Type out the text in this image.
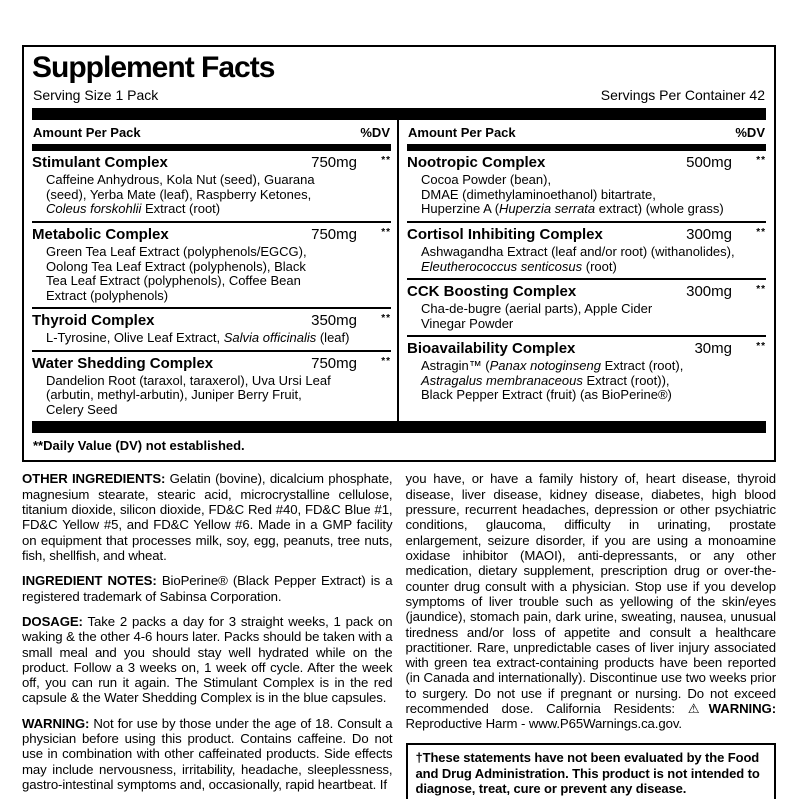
Supplement Facts
Serving Size 1 Pack	Servings Per Container 42
Amount Per Pack	%DV
Stimulant Complex	750mg	**
Caffeine Anhydrous, Kola Nut (seed), Guarana
(seed), Yerba Mate (leaf), Raspberry Ketones,
Coleus forskohlii Extract (root)
Metabolic Complex	750mg	**
Green Tea Leaf Extract (polyphenols/EGCG),
Oolong Tea Leaf Extract (polyphenols), Black
Tea Leaf Extract (polyphenols), Coffee Bean
Extract (polyphenols)
Thyroid Complex	350mg	**
L-Tyrosine, Olive Leaf Extract, Salvia officinalis (leaf)
Water Shedding Complex	750mg	**
Dandelion Root (taraxol, taraxerol), Uva Ursi Leaf
(arbutin, methyl-arbutin), Juniper Berry Fruit,
Celery Seed
Amount Per Pack	%DV
Nootropic Complex	500mg	**
Cocoa Powder (bean),
DMAE (dimethylaminoethanol) bitartrate,
Huperzine A (Huperzia serrata extract) (whole grass)
Cortisol Inhibiting Complex	300mg	**
Ashwagandha Extract (leaf and/or root) (withanolides),
Eleutherococcus senticosus (root)
CCK Boosting Complex	300mg	**
Cha-de-bugre (aerial parts), Apple Cider
Vinegar Powder
Bioavailability Complex	30mg	**
Astragin™ (Panax notoginseng Extract (root),
Astragalus membranaceous Extract (root)),
Black Pepper Extract (fruit) (as BioPerine®)
**Daily Value (DV) not established.

OTHER INGREDIENTS: Gelatin (bovine), dicalcium phosphate, magnesium stearate, stearic acid, microcrystalline cellulose, titanium dioxide, silicon dioxide, FD&C Red #40, FD&C Blue #1, FD&C Yellow #5, and FD&C Yellow #6. Made in a GMP facility on equipment that processes milk, soy, egg, peanuts, tree nuts, fish, shellfish, and wheat.

INGREDIENT NOTES: BioPerine® (Black Pepper Extract) is a registered trademark of Sabinsa Corporation.

DOSAGE: Take 2 packs a day for 3 straight weeks, 1 pack on waking & the other 4-6 hours later. Packs should be taken with a small meal and you should stay well hydrated while on the product. Follow a 3 weeks on, 1 week off cycle. After the week off, you can run it again. The Stimulant Complex is in the red capsule & the Water Shedding Complex is in the blue capsules.

WARNING: Not for use by those under the age of 18. Consult a physician before using this product. Contains caffeine. Do not use in combination with other caffeinated products. Side effects may include nervousness, irritability, headache, sleeplessness, gastro-intestinal symptoms and, occasionally, rapid heartbeat. If

you have, or have a family history of, heart disease, thyroid disease, liver disease, kidney disease, diabetes, high blood pressure, recurrent headaches, depression or other psychiatric conditions, glaucoma, difficulty in urinating, prostate enlargement, seizure disorder, if you are using a monoamine oxidase inhibitor (MAOI), anti-depressants, or any other medication, dietary supplement, prescription drug or over-the-counter drug consult with a physician. Stop use if you develop symptoms of liver trouble such as yellowing of the skin/eyes (jaundice), stomach pain, dark urine, sweating, nausea, unusual tiredness and/or loss of appetite and consult a healthcare practitioner. Rare, unpredictable cases of liver injury associated with green tea extract-containing products have been reported (in Canada and internationally). Discontinue use two weeks prior to surgery. Do not use if pregnant or nursing. Do not exceed recommended dose. California Residents: ⚠WARNING: Reproductive Harm - www.P65Warnings.ca.gov.

†These statements have not been evaluated by the Food and Drug Administration. This product is not intended to diagnose, treat, cure or prevent any disease.
